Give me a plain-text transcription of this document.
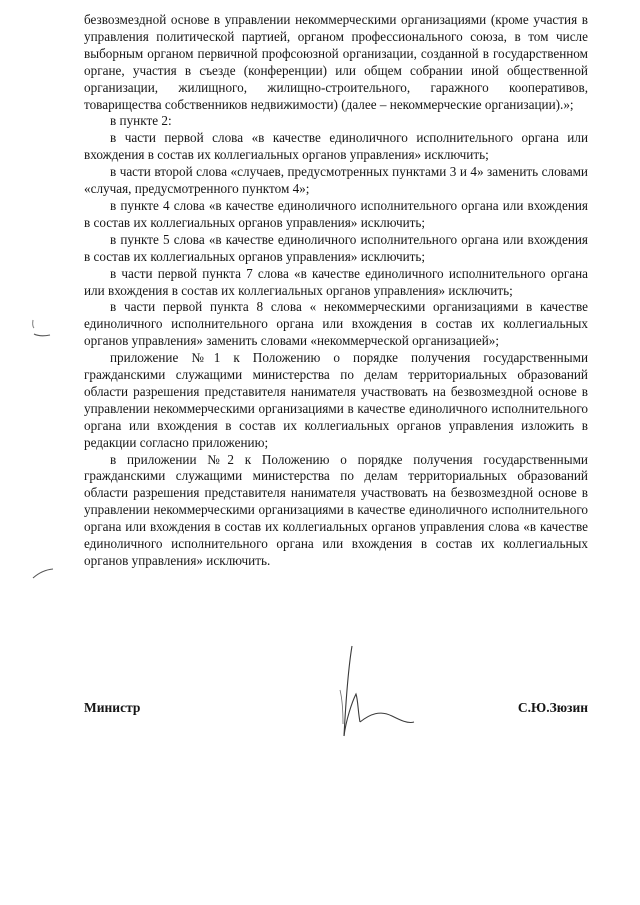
безвозмездной основе в управлении некоммерческими организациями (кроме участия в управления политической партией, органом профессионального союза, в том числе выборным органом первичной профсоюзной организации, созданной в государственном органе, участия в съезде (конференции) или общем собрании иной общественной организации, жилищного, жилищно-строительного, гаражного кооперативов, товарищества собственников недвижимости) (далее – некоммерческие организации).»;

в пункте 2:

в части первой слова «в качестве единоличного исполнительного органа или вхождения в состав их коллегиальных органов управления» исключить;

в части второй слова «случаев, предусмотренных пунктами 3 и 4» заменить словами «случая, предусмотренного пунктом 4»;

в пункте 4 слова «в качестве единоличного исполнительного органа или вхождения в состав их коллегиальных органов управления» исключить;

в пункте 5 слова «в качестве единоличного исполнительного органа или вхождения в состав их коллегиальных органов управления» исключить;

в части первой пункта 7 слова «в качестве единоличного исполнительного органа или вхождения в состав их коллегиальных органов управления» исключить;

в части первой пункта 8 слова « некоммерческими организациями в качестве единоличного исполнительного органа или вхождения в состав их коллегиальных органов управления» заменить словами «некоммерческой организацией»;

приложение №1 к Положению о порядке получения государственными гражданскими служащими министерства по делам территориальных образований области разрешения представителя нанимателя участвовать на безвозмездной основе в управлении некоммерческими организациями в качестве единоличного исполнительного органа или вхождения в состав их коллегиальных органов управления изложить в редакции согласно приложению;

в приложении №2 к Положению о порядке получения государственными гражданскими служащими министерства по делам территориальных образований области разрешения представителя нанимателя участвовать на безвозмездной основе в управлении некоммерческими организациями в качестве единоличного исполнительного органа или вхождения в состав их коллегиальных органов управления слова «в качестве единоличного исполнительного органа или вхождения в состав их коллегиальных органов управления» исключить.

Министр	С.Ю.Зюзин
